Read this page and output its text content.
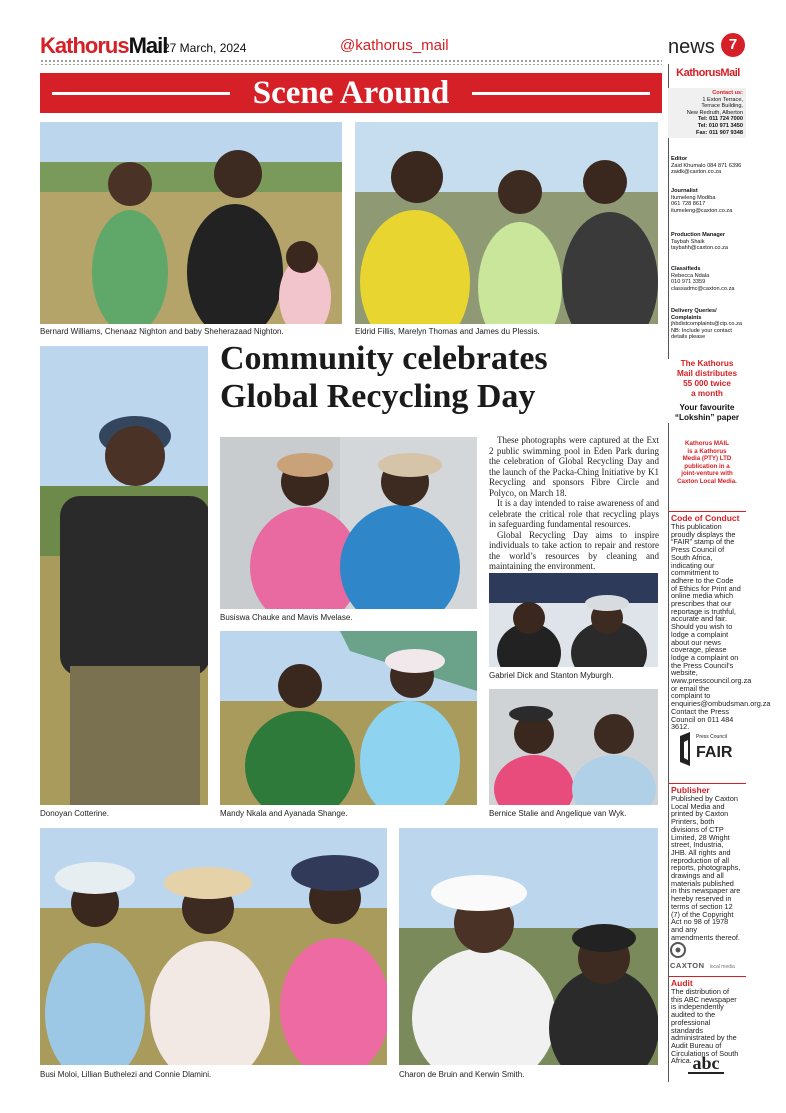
KathorusMail
27 March, 2024	@kathorus_mail	news 7
Scene Around
Bernard Williams, Chenaaz Nighton and baby Sheherazaad Nighton.	Eldrid Fillis, Marelyn Thomas and James du Plessis.
Donoyan Cotterine.
Community celebrates
Global Recycling Day
Busiswa Chauke and Mavis Mvelase.

These photographs were captured at the Ext 2 public swimming pool in Eden Park during the celebration of Global Recycling Day and the launch of the Packa-Ching Initiative by K1 Recycling and sponsors Fibre Circle and Polyco, on March 18.

It is a day intended to raise awareness of and celebrate the critical role that recycling plays in safeguarding fundamental resources.

Global Recycling Day aims to inspire individuals to take action to repair and restore the world’s resources by cleaning and maintaining the environment.

Mandy Nkala and Ayanada Shange.
Gabriel Dick and Stanton Myburgh.
Bernice Stalie and Angelique van Wyk.
Busi Moloi, Lillian Buthelezi and Connie Dlamini.	Charon de Bruin and Kerwin Smith.
KathorusMail
Contact us:
1 Exton Terrace,
Terrace Building,
New Redruth, Alberton
Tel: 011 724 7000
Tel: 010 971 3450
Fax: 011 907 9348
Editor
Zaid Khumalo 084 871 6396
zaidk@caxton.co.za
Journalist
Itumeleng Modiba
061 728 8617
itumeleng@caxton.co.za
Production Manager
Taybah Shaik
taybahh@caxton.co.za
Classifieds
Rebecca Ndala
010 971 3359
classadmc@caxton.co.za
Delivery Queries/ Complaints
jhbdistcomplaints@ctp.co.za
NB: Include your contact
details please
The Kathorus
Mail distributes
55 000 twice
a month
Your favourite
“Lokshin” paper
Kathorus MAIL
is a Kathorus
Media (PTY) LTD
publication in a
joint-venture with
Caxton Local Media.
Code of Conduct
This publication proudly displays the “FAIR” stamp of the Press Council of South Africa, indicating our commitment to adhere to the Code of Ethics for Print and online media which prescribes that our reportage is truthful, accurate and fair. Should you wish to lodge a complaint about our news coverage, please lodge a complaint on the Press Council’s website, www.presscouncil.org.za or email the complaint to enquiries@ombudsman.org.za Contact the Press Council on 011 484 3612.
Press Council
FAIR
Publisher
Published by Caxton Local Media and printed by Caxton Printers, both divisions of CTP Limited, 28 Wright street, Industria, JHB. All rights and reproduction of all reports, photographs, drawings and all materials published in this newspaper are hereby reserved in terms of section 12 (7) of the Copyright Act no 98 of 1978 and any amendments thereof.
CAXTON local media
Audit
The distribution of this ABC newspaper is independently audited to the professional standards administrated by the Audit Bureau of Circulations of South Africa. abc
